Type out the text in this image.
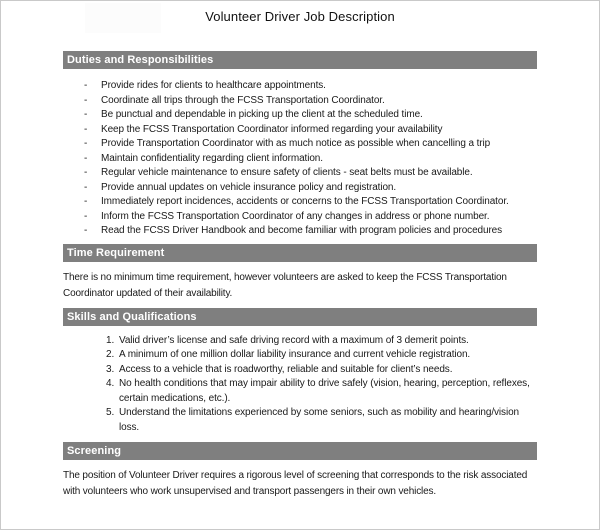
Volunteer Driver Job Description
Duties and Responsibilities
-	Provide rides for clients to healthcare appointments.
-	Coordinate all trips through the FCSS Transportation Coordinator.
-	Be punctual and dependable in picking up the client at the scheduled time.
-	Keep the FCSS Transportation Coordinator informed regarding your availability
-	Provide Transportation Coordinator with as much notice as possible when cancelling a trip
-	Maintain confidentiality regarding client information.
-	Regular vehicle maintenance to ensure safety of clients - seat belts must be available.
-	Provide annual updates on vehicle insurance policy and registration.
-	Immediately report incidences, accidents or concerns to the FCSS Transportation Coordinator.
-	Inform the FCSS Transportation Coordinator of any changes in address or phone number.
-	Read the FCSS Driver Handbook and become familiar with program policies and procedures
Time Requirement

There is no minimum time requirement, however volunteers are asked to keep the FCSS Transportation Coordinator updated of their availability.

Skills and Qualifications
1. Valid driver’s license and safe driving record with a maximum of 3 demerit points.
2. A minimum of one million dollar liability insurance and current vehicle registration.
3. Access to a vehicle that is roadworthy, reliable and suitable for client’s needs.
4. No health conditions that may impair ability to drive safely (vision, hearing, perception, reflexes, certain medications, etc.).
5. Understand the limitations experienced by some seniors, such as mobility and hearing/vision loss.
Screening

The position of Volunteer Driver requires a rigorous level of screening that corresponds to the risk associated with volunteers who work unsupervised and transport passengers in their own vehicles.
